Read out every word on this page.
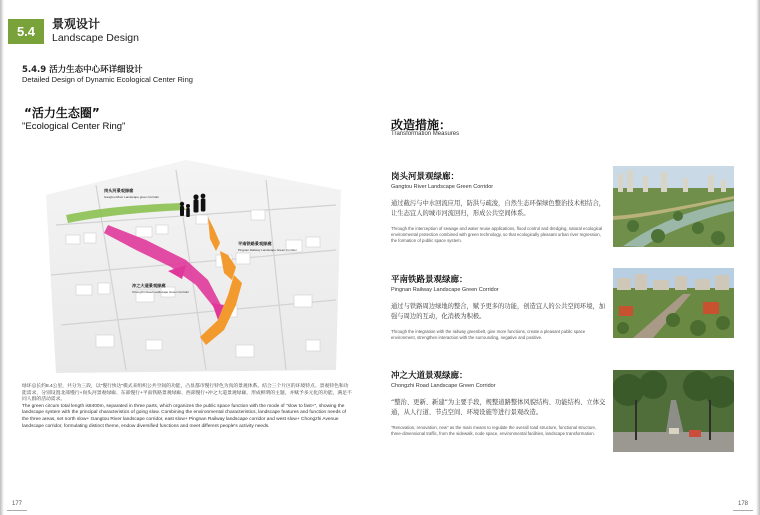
5.4	景观设计
Landscape Design
5.4.9 活力生态中心环详细设计
Detailed Design of Dynamic Ecological Center Ring
“活力生态圈”
"Ecological Center Ring"
岗头河景观绿廊
Gangtou River Landscape green Corridor
平南铁路景观绿廊
Pingnan Railway Landscape Green Corridor
冲之大道景观绿廊
Chongzhi Road Landscape Green Corridor

绿环总长约8.4公里，共分为三段，以“慢行快达”模式来组织公共空间的功能，凸显都市慢行特色为真的景观体系。结合三个片区的环境特点、景观特色和功能需求，分别设置北部慢行+岗头河景观绿廊、东部慢行+平南铁路景观绿廊、西部慢行+冲之大道景观绿廊，形成鲜明的主题，并赋予多元化的功能，满足不同人群的活动需求。

The green circum total length is8400m, separated in three parts, which organizes the public space function with the mode of "slow to fast+", showing the landscape system with the principal characteristics of going slow. Combining the environmental characteristics, landscape features and function needs of the three areas, set north slow+ Gangtou River landscape corridor, east slow+ Pingnan Railway landscape corridor and west slow+ Chongzhi Avenue landscape corridor, formulating distinct theme, endow diversified functions and meet different people's activity needs.

改造措施：
Transformation Measures
岗头河景观绿廊：
Gangtou River Landscape Green Corridor
通过截污与中水回流应用，防洪与疏浚，自然生态环保绿色整治技术相结合，让生态宜人的城市河流回归，形成公共空间体系。
Through the interception of sewage and water reuse applications, flood control and dredging, natural ecological environmental protection combined with green technology, so that ecologically pleasant urban river regression, the formation of public space system.
平南铁路景观绿廊：
Pingnan Railway Landscape Green Corridor
通过与铁路周边绿地的整合，赋予更多的功能，创造宜人的公共空间环境，加强与周边的互动，化消极为积极。
Through the integration with the railway greenbelt, give more functions, create a pleasant public space environment, strengthen interaction with the surrounding, negative and positive.
冲之大道景观绿廊：
Chongzhi Road Landscape Green Corridor
“整治、更新、新建”为主要手段，规整道路整体风貌结构、功能结构、立体交通，从人行道、节点空间、环境设施等进行景观改造。
"Renovation, renovation, new" as the main means to regulate the overall road structure, functional structure, three-dimensional traffic, from the sidewalk, node space, environmental facilities, landscape transformation.
177	178
